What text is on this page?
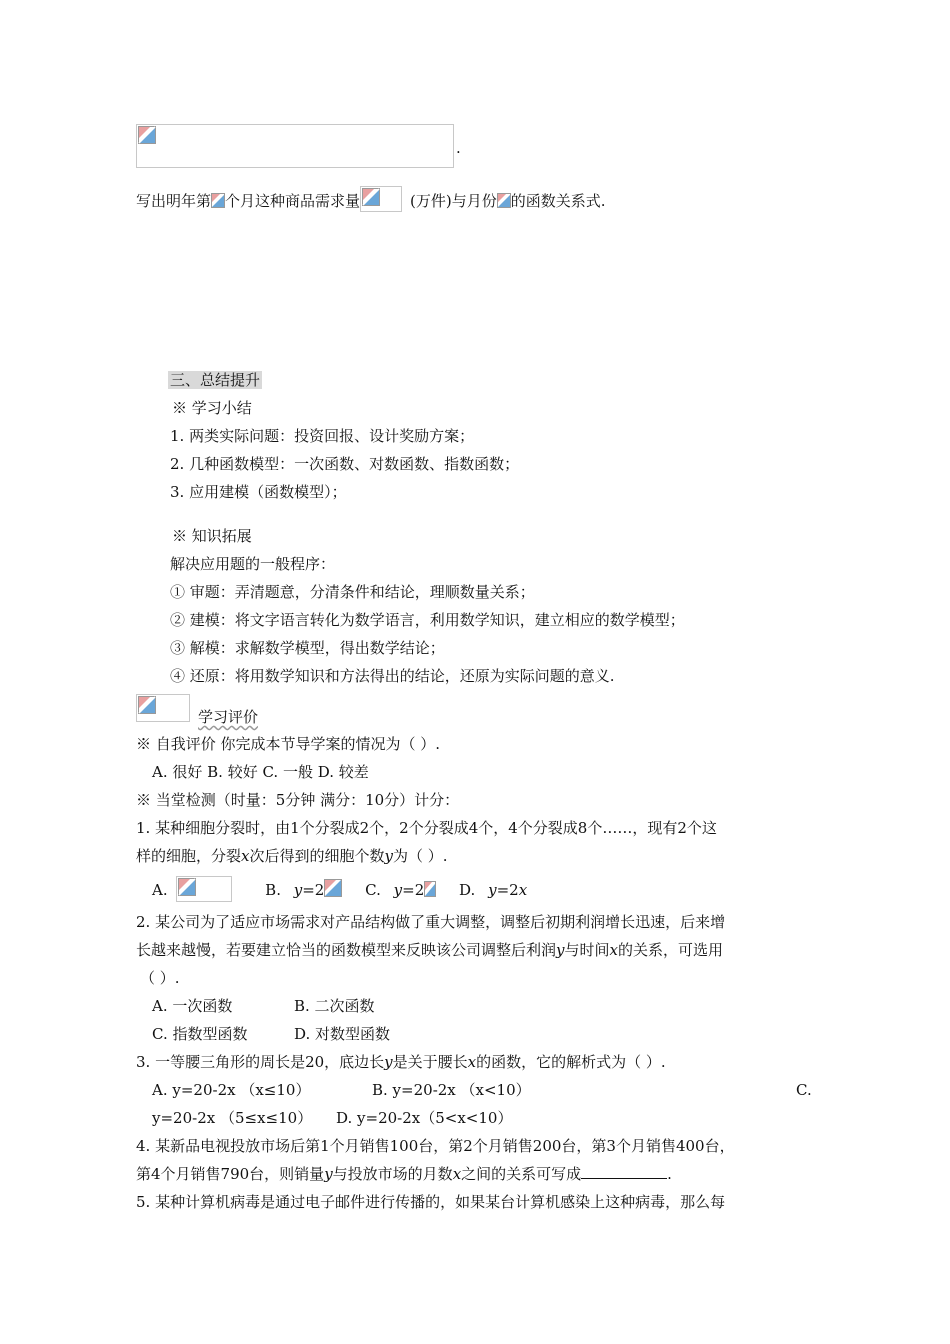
.
写出明年第 个月这种商品需求量	(万件)与月份 的函数关系式.
三、总结提升
※ 学习小结
1. 两类实际问题：投资回报、设计奖励方案；
2. 几种函数模型：一次函数、对数函数、指数函数；
3. 应用建模（函数模型）；
※ 知识拓展
解决应用题的一般程序：
① 审题：弄清题意，分清条件和结论，理顺数量关系；
② 建模：将文字语言转化为数学语言，利用数学知识，建立相应的数学模型；
③ 解模：求解数学模型，得出数学结论；
④ 还原：将用数学知识和方法得出的结论，还原为实际问题的意义.
学习评价
※ 自我评价 你完成本节导学案的情况为（ ）.
A. 很好 B. 较好 C. 一般 D. 较差
※ 当堂检测（时量：5分钟 满分：10分）计分：
1. 某种细胞分裂时，由1个分裂成2个，2个分裂成4个，4个分裂成8个……，现有2个这
样的细胞，分裂x次后得到的细胞个数y为（ ）.
A.	B. y=2	C. y=2 D. y=2x
2. 某公司为了适应市场需求对产品结构做了重大调整，调整后初期利润增长迅速，后来增
长越来越慢，若要建立恰当的函数模型来反映该公司调整后利润y与时间x的关系，可选用
（ ）.
A. 一次函数	B. 二次函数
C. 指数型函数	D. 对数型函数
3. 一等腰三角形的周长是20，底边长y是关于腰长x的函数，它的解析式为（ ）.
A. y=20-2x （x≤10）	B. y=20-2x （x<10）	C.
y=20-2x （5≤x≤10） D. y=20-2x（5<x<10）
4. 某新品电视投放市场后第1个月销售100台，第2个月销售200台，第3个月销售400台，
第4个月销售790台，则销量y与投放市场的月数x之间的关系可写成	.
5. 某种计算机病毒是通过电子邮件进行传播的，如果某台计算机感染上这种病毒，那么每
